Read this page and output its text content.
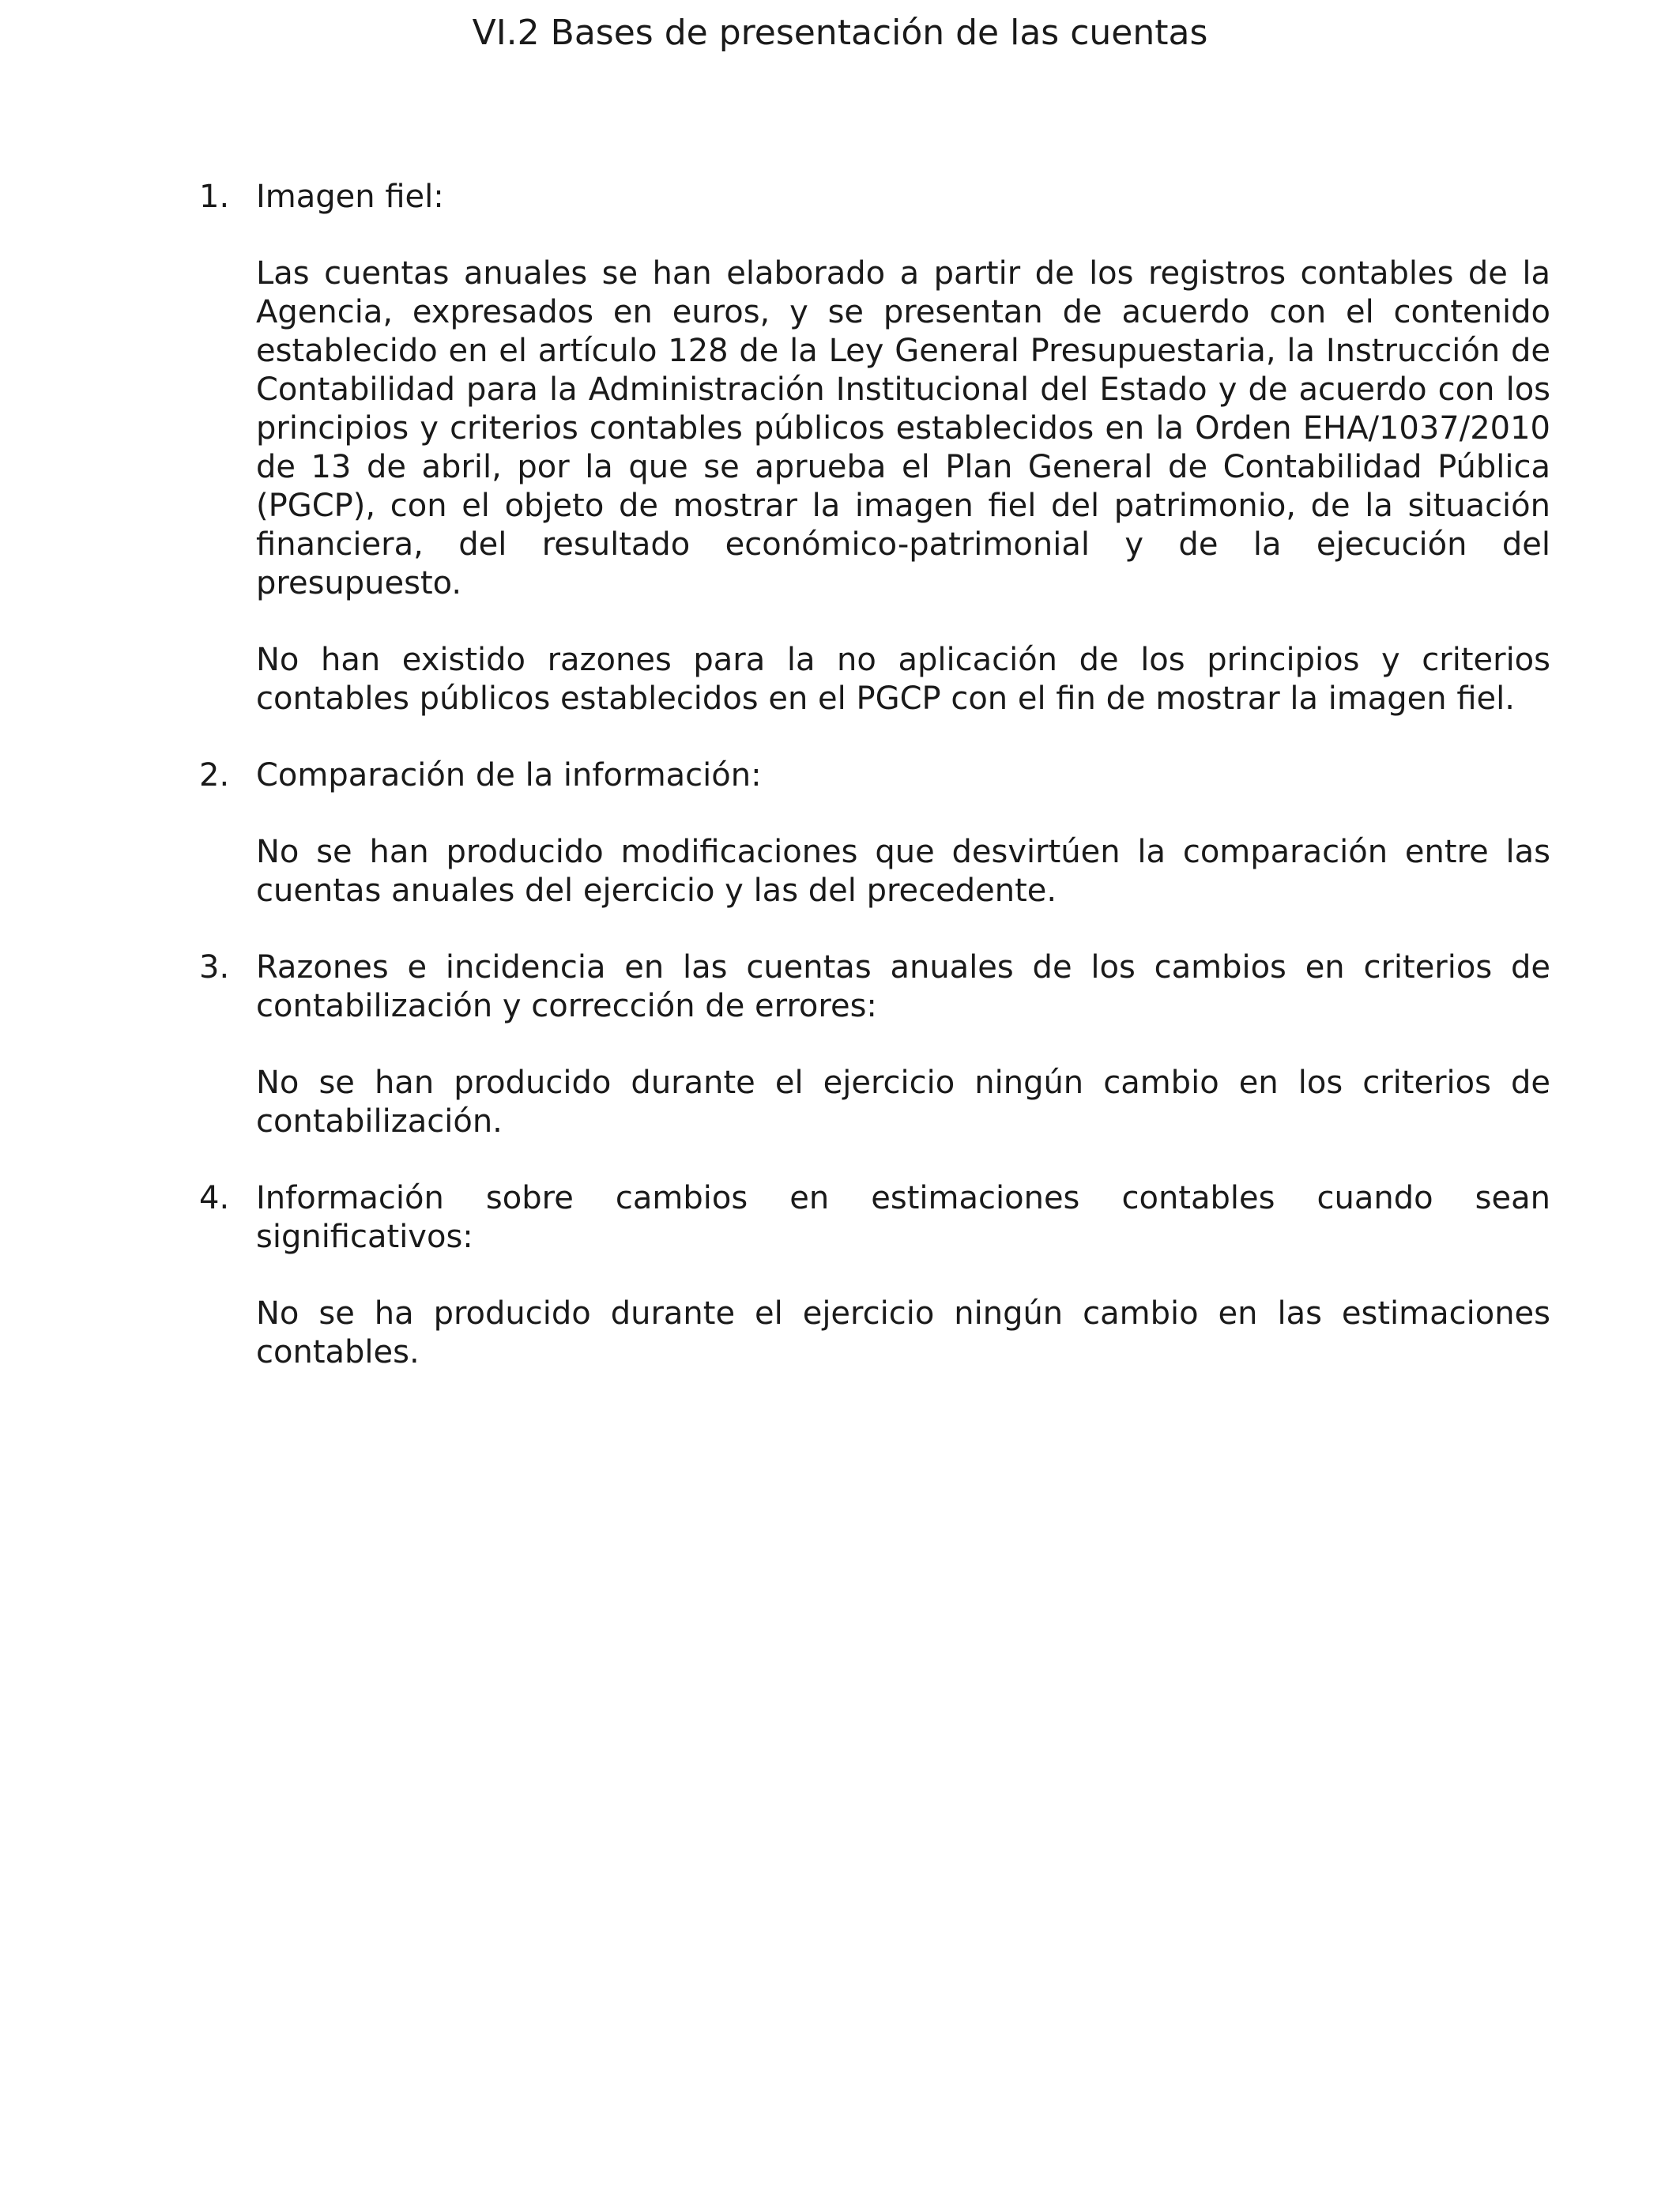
VI.2 Bases de presentación de las cuentas

1. Imagen fiel:

Las cuentas anuales se han elaborado a partir de los registros contables de la Agencia, expresados en euros, y se presentan de acuerdo con el contenido establecido en el artículo 128 de la Ley General Presupuestaria, la Instrucción de Contabilidad para la Administración Institucional del Estado y de acuerdo con los principios y criterios contables públicos establecidos en la Orden EHA/1037/2010 de 13 de abril, por la que se aprueba el Plan General de Contabilidad Pública (PGCP), con el objeto de mostrar la imagen fiel del patrimonio, de la situación financiera, del resultado económico-patrimonial y de la ejecución del presupuesto.

No han existido razones para la no aplicación de los principios y criterios contables públicos establecidos en el PGCP con el fin de mostrar la imagen fiel.

2. Comparación de la información:

No se han producido modificaciones que desvirtúen la comparación entre las cuentas anuales del ejercicio y las del precedente.

3. Razones e incidencia en las cuentas anuales de los cambios en criterios de contabilización y corrección de errores:

No se han producido durante el ejercicio ningún cambio en los criterios de contabilización.

4. Información sobre cambios en estimaciones contables cuando sean significativos:

No se ha producido durante el ejercicio ningún cambio en las estimaciones contables.
